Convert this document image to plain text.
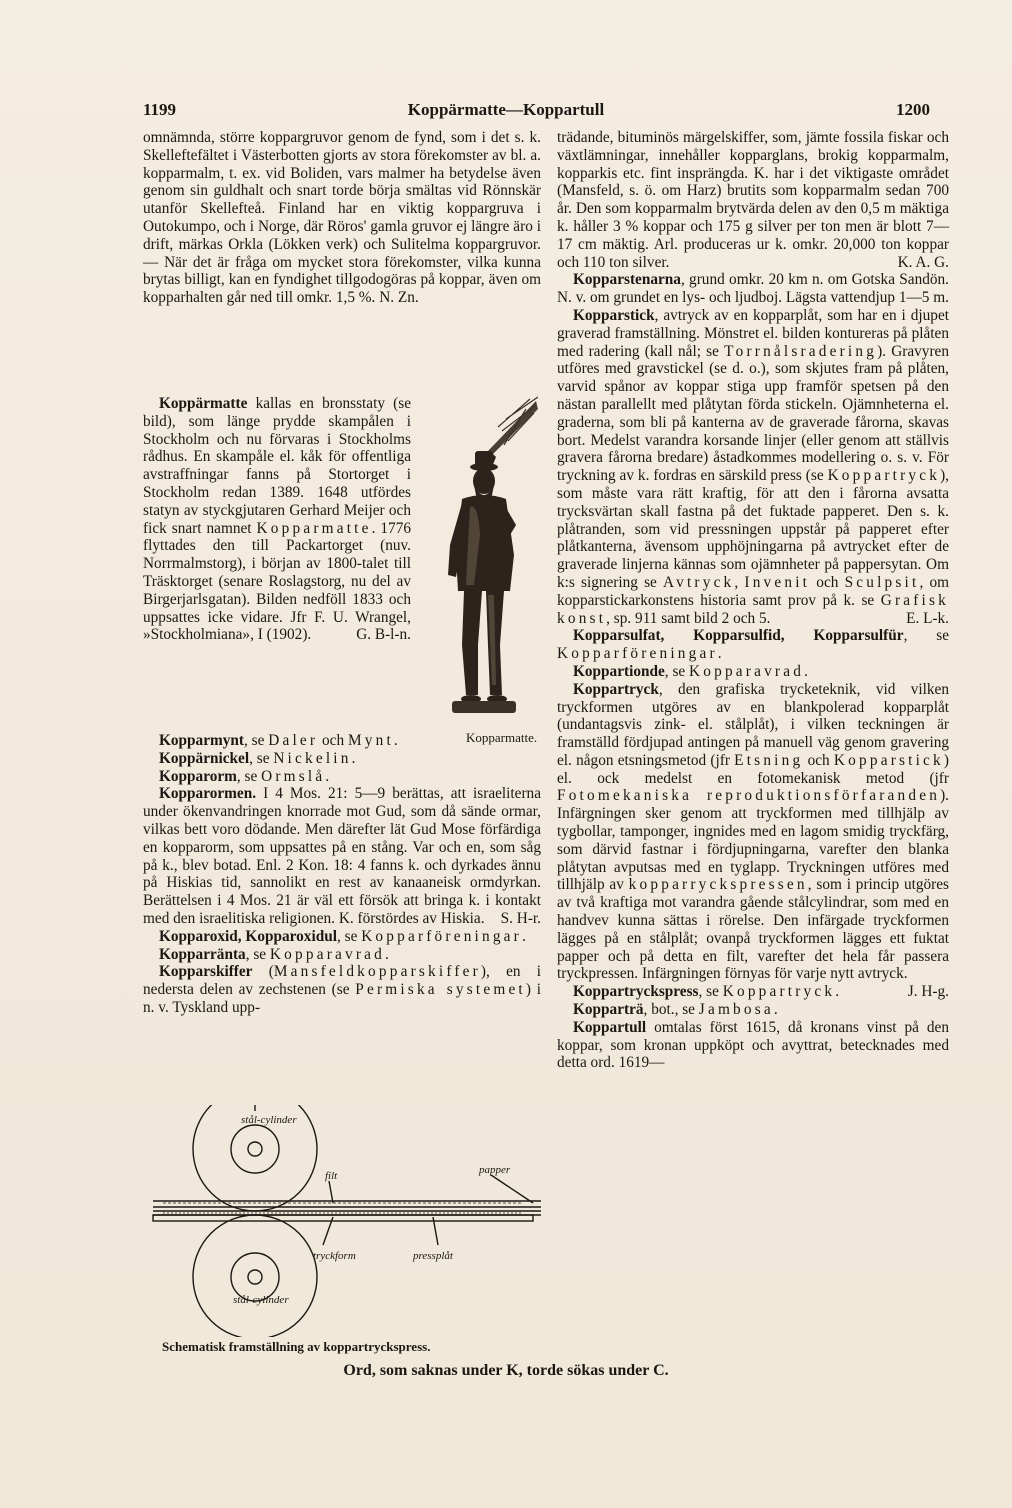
1199	Koppärmatte—Koppartull	1200

omnämnda, större koppargruvor genom de fynd, som i det s. k. Skelleftefältet i Västerbotten gjorts av stora förekomster av bl. a. kopparmalm, t. ex. vid Boliden, vars malmer ha betydelse även genom sin guldhalt och snart torde börja smältas vid Rönnskär utanför Skellefteå. Finland har en viktig koppargruva i Outokumpo, och i Norge, där Röros' gamla gruvor ej längre äro i drift, märkas Orkla (Lökken verk) och Sulitelma koppargruvor. — När det är fråga om mycket stora förekomster, vilka kunna brytas billigt, kan en fyndighet tillgodogöras på koppar, även om kopparhalten går ned till omkr. 1,5 %. N. Zn.

Koppärmatte kallas en bronsstaty (se bild), som länge prydde skampålen i Stockholm och nu förvaras i Stockholms rådhus. En skampåle el. kåk för offentliga avstraffningar fanns på Stortorget i Stockholm redan 1389. 1648 utfördes statyn av styckgjutaren Gerhard Meijer och fick snart namnet Kopparmatte. 1776 flyttades den till Packartorget (nuv. Norrmalmstorg), i början av 1800-talet till Träsktorget (senare Roslagstorg, nu del av Birgerjarlsgatan). Bilden nedföll 1833 och uppsattes icke vidare. Jfr F. U. Wrangel, »Stockholmiana», I (1902).	G. B-l-n.

Kopparmatte.

Kopparmynt, se Daler och Mynt.

Koppärnickel, se Nickelin.

Kopparorm, se Ormslå.

Kopparormen. I 4 Mos. 21: 5—9 berättas, att israeliterna under ökenvandringen knorrade mot Gud, som då sände ormar, vilkas bett voro dödande. Men därefter lät Gud Mose förfärdiga en kopparorm, som uppsattes på en stång. Var och en, som såg på k., blev botad. Enl. 2 Kon. 18: 4 fanns k. och dyrkades ännu på Hiskias tid, sannolikt en rest av kanaaneisk ormdyrkan. Berättelsen i 4 Mos. 21 är väl ett försök att bringa k. i kontakt med den israelitiska religionen. K. förstördes av Hiskia.	S. H-r.

Kopparoxid, Kopparoxidul, se Kopparföreningar.

Kopparränta, se Kopparavrad.

Kopparskiffer (Mansfeldkopparskiffer), en i nedersta delen av zechstenen (se Permiska systemet) i n. v. Tyskland upp-

stål-cylinder
filt	papper
tryckform	pressplåt
stål-cylinder
Schematisk framställning av koppartryckspress.

trädande, bituminös märgelskiffer, som, jämte fossila fiskar och växtlämningar, innehåller kopparglans, brokig kopparmalm, kopparkis etc. fint insprängda. K. har i det viktigaste området (Mansfeld, s. ö. om Harz) brutits som kopparmalm sedan 700 år. Den som kopparmalm brytvärda delen av den 0,5 m mäktiga k. håller 3 % koppar och 175 g silver per ton men är blott 7—17 cm mäktig. Arl. produceras ur k. omkr. 20,000 ton koppar och 110 ton silver.	K. A. G.

Kopparstenarna, grund omkr. 20 km n. om Gotska Sandön. N. v. om grundet en lys- och ljudboj. Lägsta vattendjup 1—5 m.

Kopparstick, avtryck av en kopparplåt, som har en i djupet graverad framställning. Mönstret el. bilden kontureras på plåten med radering (kall nål; se Torrnålsradering). Gravyren utföres med gravstickel (se d. o.), som skjutes fram på plåten, varvid spånor av koppar stiga upp framför spetsen på den nästan parallellt med plåtytan förda stickeln. Ojämnheterna el. graderna, som bli på kanterna av de graverade fårorna, skavas bort. Medelst varandra korsande linjer (eller genom att ställvis gravera fårorna bredare) åstadkommes modellering o. s. v. För tryckning av k. fordras en särskild press (se Koppartryck), som måste vara rätt kraftig, för att den i fårorna avsatta trycksvärtan skall fastna på det fuktade papperet. Den s. k. plåtranden, som vid pressningen uppstår på papperet efter plåtkanterna, ävensom upphöjningarna på avtrycket efter de graverade linjerna kännas som ojämnheter på pappersytan. Om k:s signering se Avtryck, Invenit och Sculpsit, om kopparstickarkonstens historia samt prov på k. se Grafisk konst, sp. 911 samt bild 2 och 5.	E. L-k.

Kopparsulfat, Kopparsulfid, Kopparsulfür, se Kopparföreningar.

Koppartionde, se Kopparavrad.

Koppartryck, den grafiska trycketeknik, vid vilken tryckformen utgöres av en blankpolerad kopparplåt (undantagsvis zink- el. stålplåt), i vilken teckningen är framställd fördjupad antingen på manuell väg genom gravering el. någon etsningsmetod (jfr Etsning och Kopparstick) el. ock medelst en fotomekanisk metod (jfr Fotomekaniska reproduktionsförfaranden). Infärgningen sker genom att tryckformen med tillhjälp av tygbollar, tamponger, ingnides med en lagom smidig tryckfärg, som därvid fastnar i fördjupningarna, varefter den blanka plåtytan avputsas med en tyglapp. Tryckningen utföres med tillhjälp av kopparryckspressen, som i princip utgöres av två kraftiga mot varandra gående stålcylindrar, som med en handvev kunna sättas i rörelse. Den infärgade tryckformen lägges på en stålplåt; ovanpå tryckformen lägges ett fuktat papper och på detta en filt, varefter det hela får passera tryckpressen. Infärgningen förnyas för varje nytt avtryck.
J. H-g.

Koppartryckspress, se Koppartryck.

Kopparträ, bot., se Jambosa.

Koppartull omtalas först 1615, då kronans vinst på den koppar, som kronan uppköpt och avyttrat, betecknades med detta ord. 1619—

Ord, som saknas under K, torde sökas under C.
